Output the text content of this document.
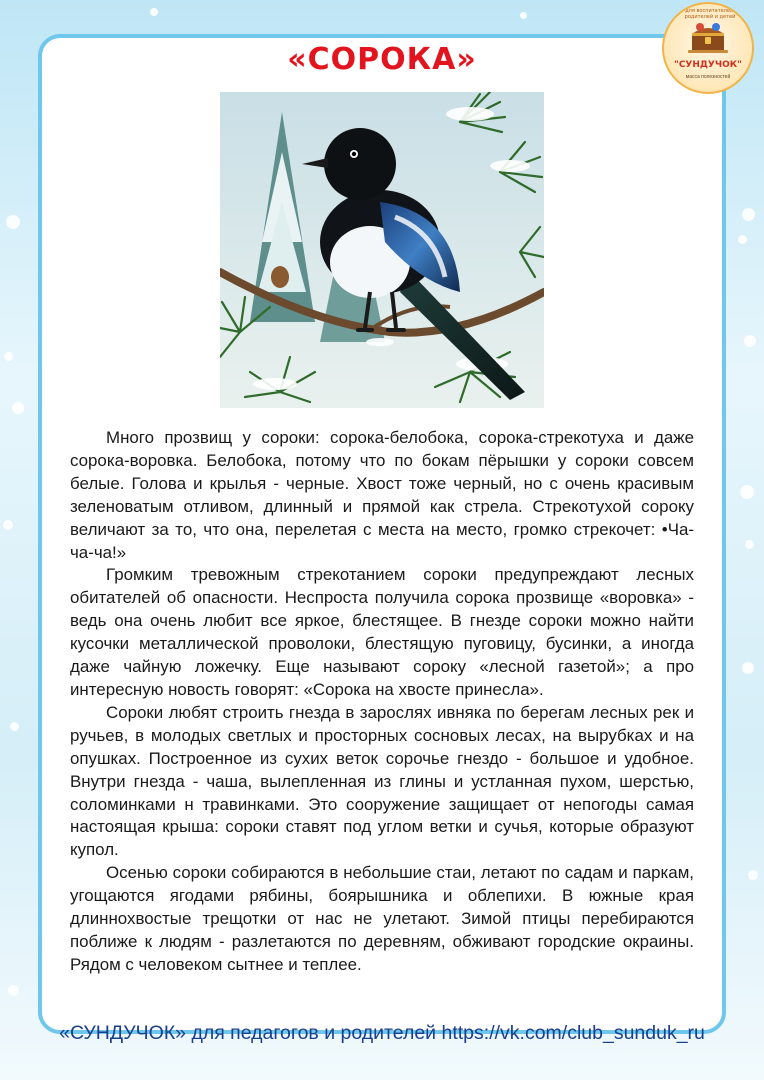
«СОРОКА»
для воспитателей, родителей и детей
"СУНДУЧОК"
масса полезностей

Много прозвищ у сороки: сорока-белобока, сорока-стрекотуха и даже сорока-воровка. Белобока, потому что по бокам пёрышки у сороки совсем белые. Голова и крылья - черные. Хвост тоже черный, но с очень красивым зеленоватым отливом, длинный и прямой как стрела. Стрекотухой сороку величают за то, что она, перелетая с места на место, громко стрекочет: •Ча-ча-ча!»

Громким тревожным стрекотанием сороки предупреждают лесных обитателей об опасности. Неспроста получила сорока прозвище «воровка» - ведь она очень любит все яркое, блестящее. В гнезде сороки можно найти кусочки металлической проволоки, блестящую пуговицу, бусинки, а иногда даже чайную ложечку. Еще называют сороку «лесной газетой»; а про интересную новость говорят: «Сорока на хвосте принесла».

Сороки любят строить гнезда в зарослях ивняка по берегам лесных рек и ручьев, в молодых светлых и просторных сосновых лесах, на вырубках и на опушках. Построенное из сухих веток сорочье гнездо - большое и удобное. Внутри гнезда - чаша, вылепленная из глины и устланная пухом, шерстью, соломинками н травинками. Это сооружение защищает от непогоды самая настоящая крыша: сороки ставят под углом ветки и сучья, которые образуют купол.

Осенью сороки собираются в небольшие стаи, летают по садам и паркам, угощаются ягодами рябины, боярышника и облепихи. В южные края длиннохвостые трещотки от нас не улетают. Зимой птицы перебираются поближе к людям - разлетаются по деревням, обживают городские окраины. Рядом с человеком сытнее и теплее.

«СУНДУЧОК» для педагогов и родителей https://vk.com/club_sunduk_ru
